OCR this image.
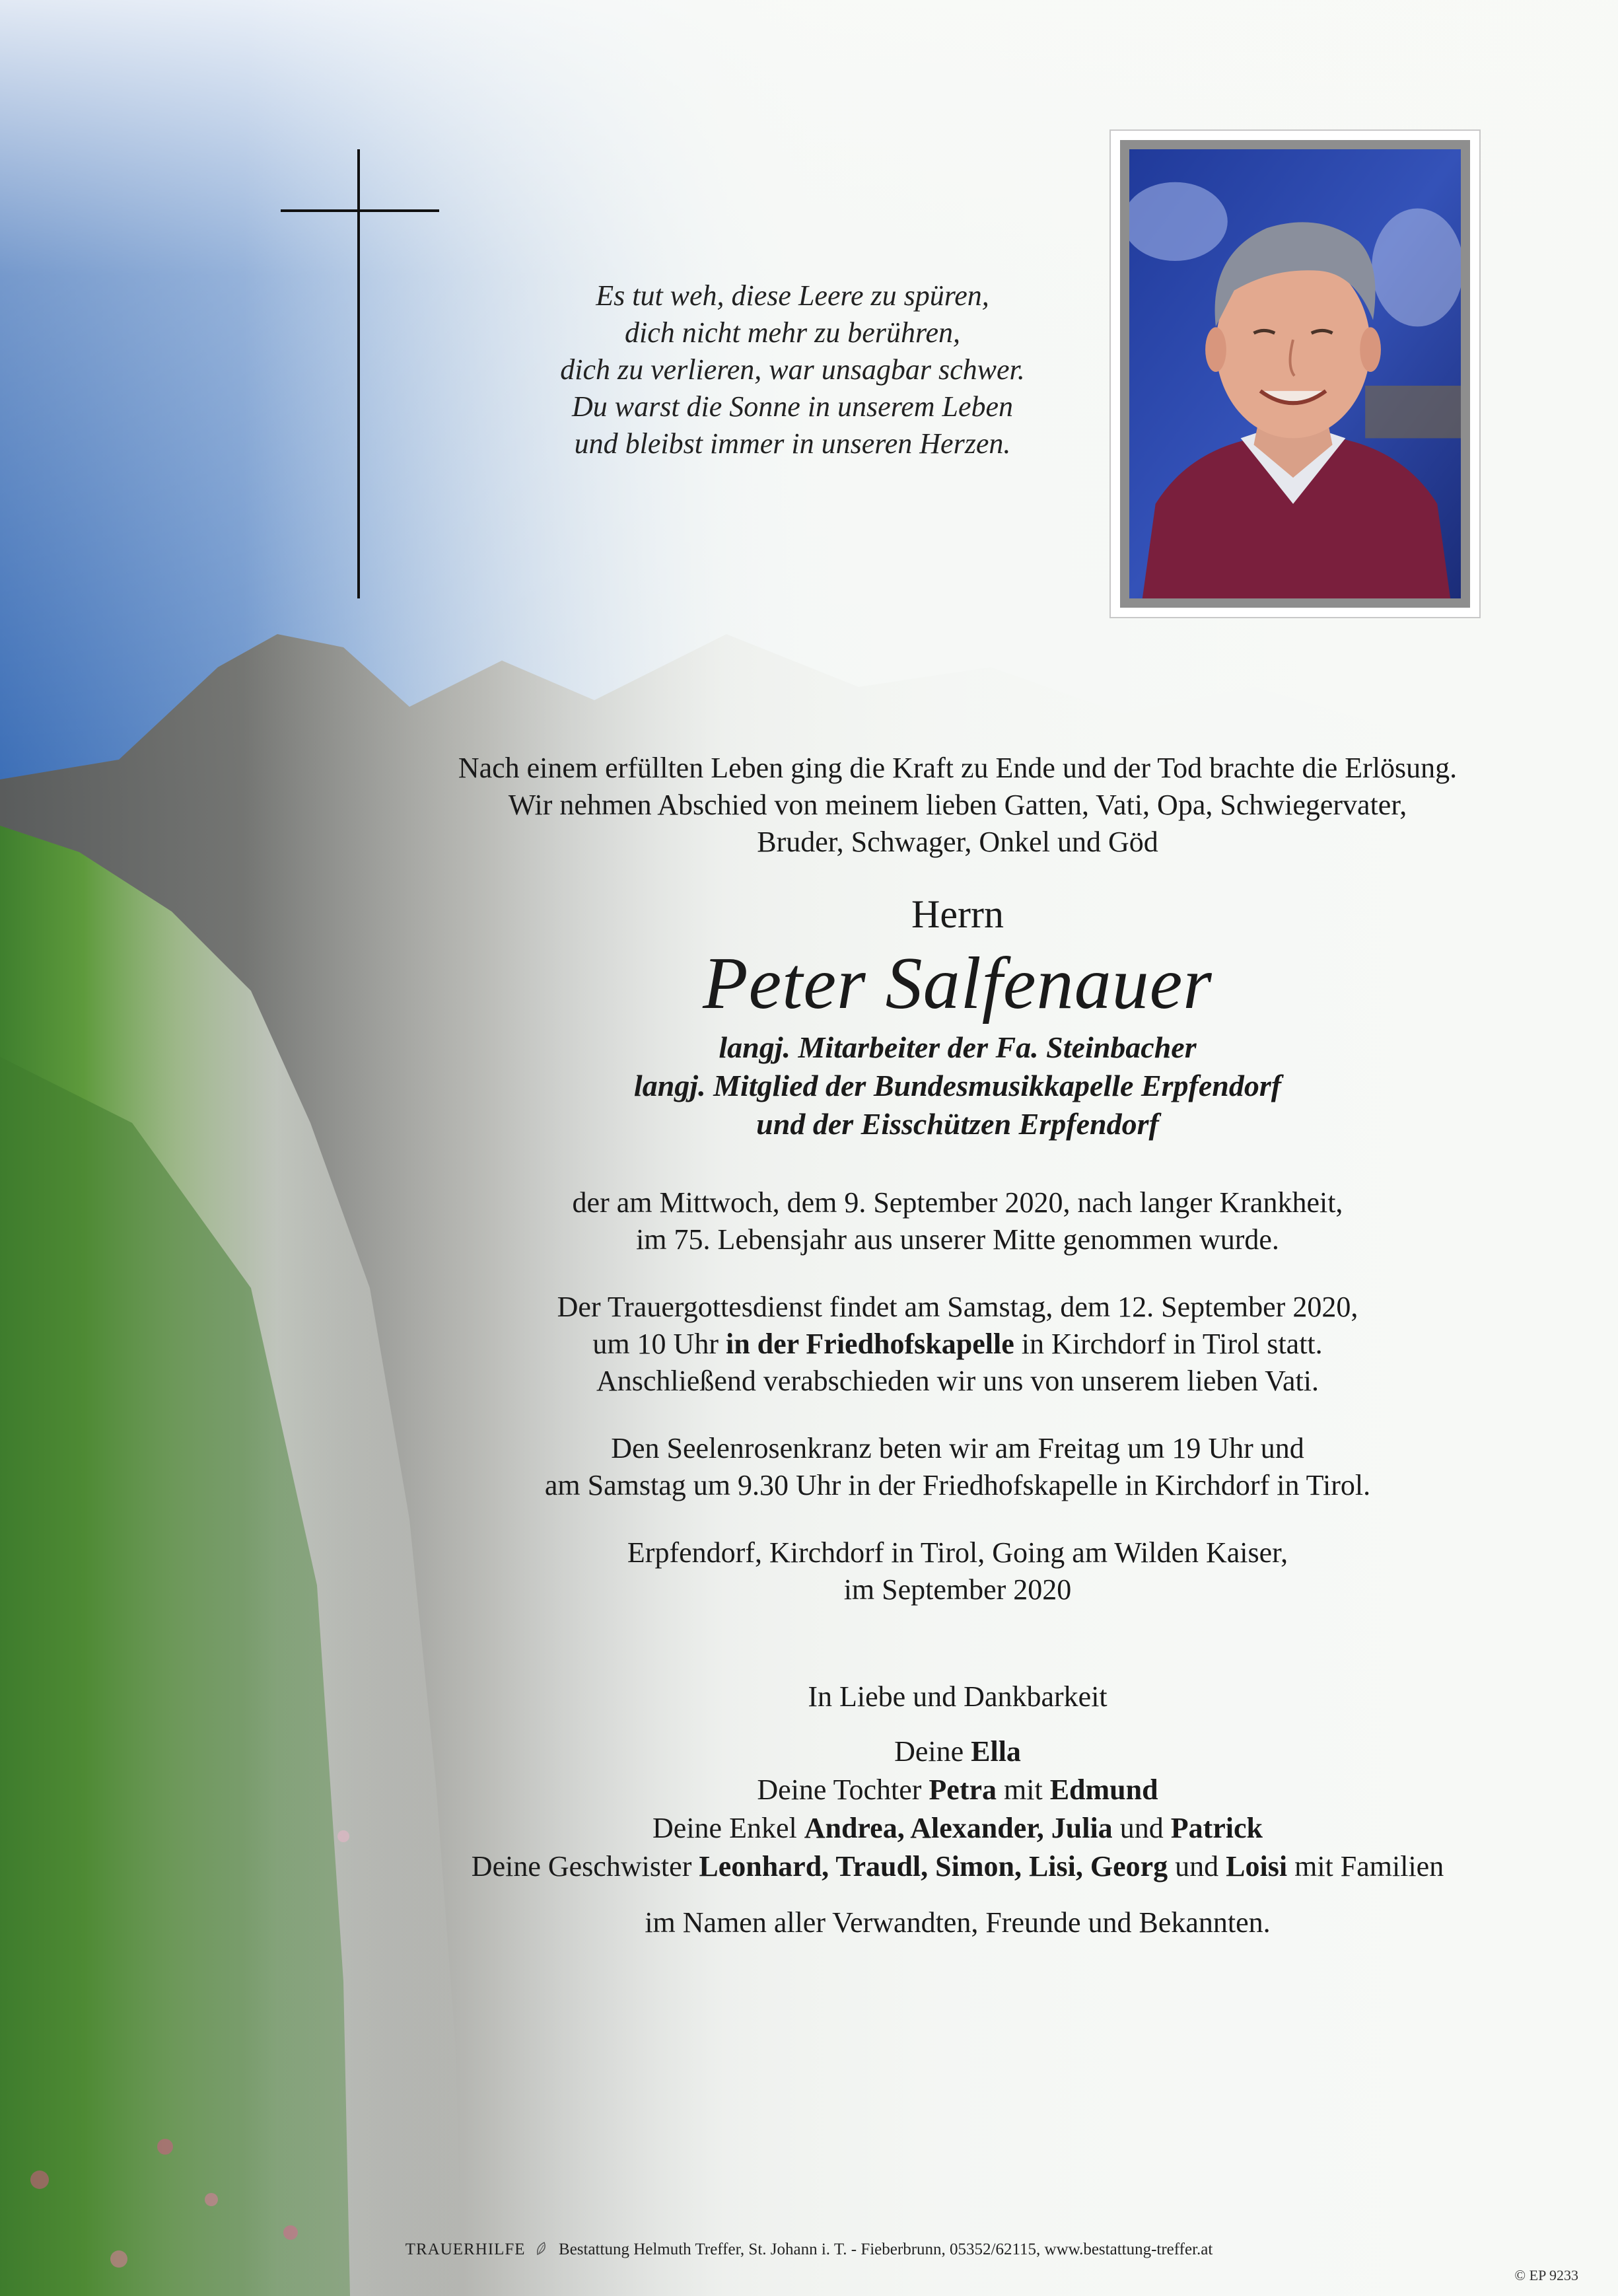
Es tut weh, diese Leere zu spüren,
dich nicht mehr zu berühren,
dich zu verlieren, war unsagbar schwer.
Du warst die Sonne in unserem Leben
und bleibst immer in unseren Herzen.
Nach einem erfüllten Leben ging die Kraft zu Ende und der Tod brachte die Erlösung.
Wir nehmen Abschied von meinem lieben Gatten, Vati, Opa, Schwiegervater,
Bruder, Schwager, Onkel und Göd
Herrn
Peter Salfenauer
langj. Mitarbeiter der Fa. Steinbacher
langj. Mitglied der Bundesmusikkapelle Erpfendorf
und der Eisschützen Erpfendorf
der am Mittwoch, dem 9. September 2020, nach langer Krankheit,
im 75. Lebensjahr aus unserer Mitte genommen wurde.
Der Trauergottesdienst findet am Samstag, dem 12. September 2020,
um 10 Uhr in der Friedhofskapelle in Kirchdorf in Tirol statt.
Anschließend verabschieden wir uns von unserem lieben Vati.
Den Seelenrosenkranz beten wir am Freitag um 19 Uhr und
am Samstag um 9.30 Uhr in der Friedhofskapelle in Kirchdorf in Tirol.
Erpfendorf, Kirchdorf in Tirol, Going am Wilden Kaiser,
im September 2020
In Liebe und Dankbarkeit
Deine Ella
Deine Tochter Petra mit Edmund
Deine Enkel Andrea, Alexander, Julia und Patrick
Deine Geschwister Leonhard, Traudl, Simon, Lisi, Georg und Loisi mit Familien
im Namen aller Verwandten, Freunde und Bekannten.
TRAUERHILFE Bestattung Helmuth Treffer, St. Johann i. T. - Fieberbrunn, 05352/62115, www.bestattung-treffer.at
© EP 9233
